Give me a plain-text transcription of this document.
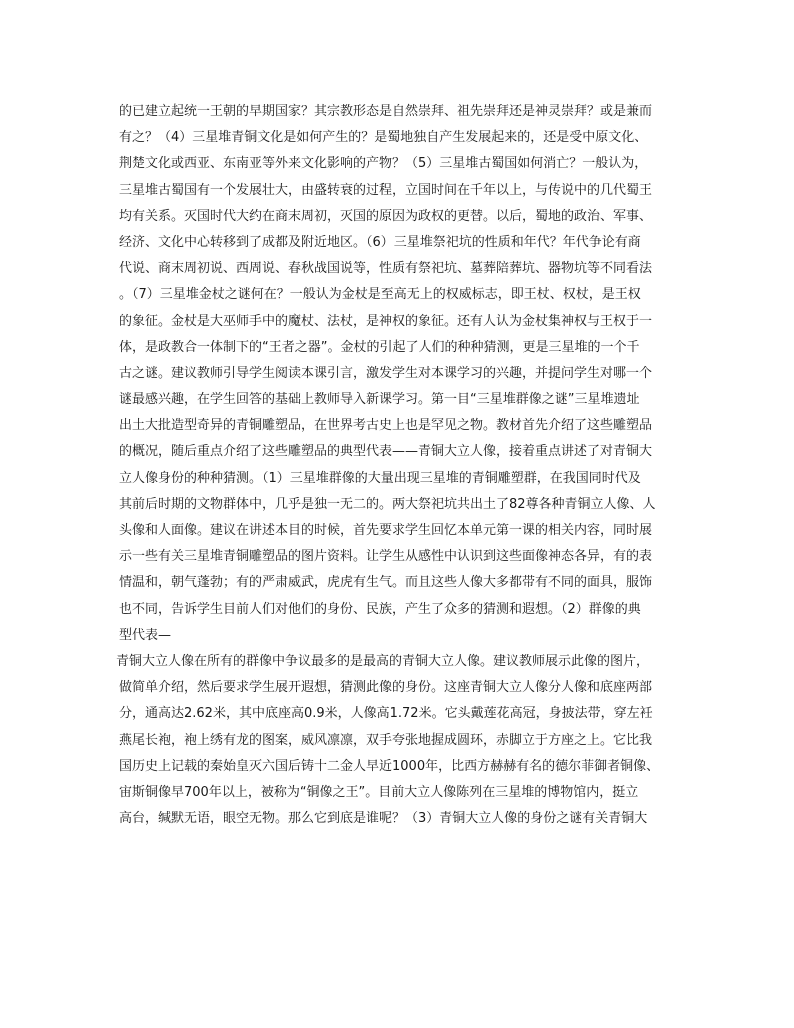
的已建立起统一王朝的早期国家？其宗教形态是自然崇拜、祖先崇拜还是神灵崇拜？或是兼而
有之？（4）三星堆青铜文化是如何产生的？是蜀地独自产生发展起来的，还是受中原文化、
荆楚文化或西亚、东南亚等外来文化影响的产物？（5）三星堆古蜀国如何消亡？一般认为，
三星堆古蜀国有一个发展壮大，由盛转衰的过程，立国时间在千年以上，与传说中的几代蜀王
均有关系。灭国时代大约在商末周初，灭国的原因为政权的更替。以后，蜀地的政治、军事、
经济、文化中心转移到了成都及附近地区。（6）三星堆祭祀坑的性质和年代？年代争论有商
代说、商末周初说、西周说、春秋战国说等，性质有祭祀坑、墓葬陪葬坑、器物坑等不同看法
。（7）三星堆金杖之谜何在？一般认为金杖是至高无上的权威标志，即王杖、权杖，是王权
的象征。金杖是大巫师手中的魔杖、法杖，是神权的象征。还有人认为金杖集神权与王权于一
体，是政教合一体制下的“王者之器”。金杖的引起了人们的种种猜测，更是三星堆的一个千
古之谜。建议教师引导学生阅读本课引言，激发学生对本课学习的兴趣，并提问学生对哪一个
谜最感兴趣，在学生回答的基础上教师导入新课学习。第一目“三星堆群像之谜”三星堆遗址
出土大批造型奇异的青铜雕塑品，在世界考古史上也是罕见之物。教材首先介绍了这些雕塑品
的概况，随后重点介绍了这些雕塑品的典型代表——青铜大立人像，接着重点讲述了对青铜大
立人像身份的种种猜测。（1）三星堆群像的大量出现三星堆的青铜雕塑群，在我国同时代及
其前后时期的文物群体中，几乎是独一无二的。两大祭祀坑共出土了82尊各种青铜立人像、人
头像和人面像。建议在讲述本目的时候，首先要求学生回忆本单元第一课的相关内容，同时展
示一些有关三星堆青铜雕塑品的图片资料。让学生从感性中认识到这些面像神态各异，有的表
情温和，朝气蓬勃；有的严肃威武，虎虎有生气。而且这些人像大多都带有不同的面具，服饰
也不同，告诉学生目前人们对他们的身份、民族，产生了众多的猜测和遐想。（2）群像的典
型代表—
青铜大立人像在所有的群像中争议最多的是最高的青铜大立人像。建议教师展示此像的图片，
做简单介绍，然后要求学生展开遐想，猜测此像的身份。这座青铜大立人像分人像和底座两部
分，通高达2.62米，其中底座高0.9米，人像高1.72米。它头戴莲花高冠，身披法带，穿左衽
燕尾长袍，袍上绣有龙的图案，威风凛凛，双手夸张地握成圆环，赤脚立于方座之上。它比我
国历史上记载的秦始皇灭六国后铸十二金人早近1000年，比西方赫赫有名的德尔菲御者铜像、
宙斯铜像早700年以上，被称为“铜像之王”。目前大立人像陈列在三星堆的博物馆内，挺立
高台，缄默无语，眼空无物。那么它到底是谁呢？（3）青铜大立人像的身份之谜有关青铜大
